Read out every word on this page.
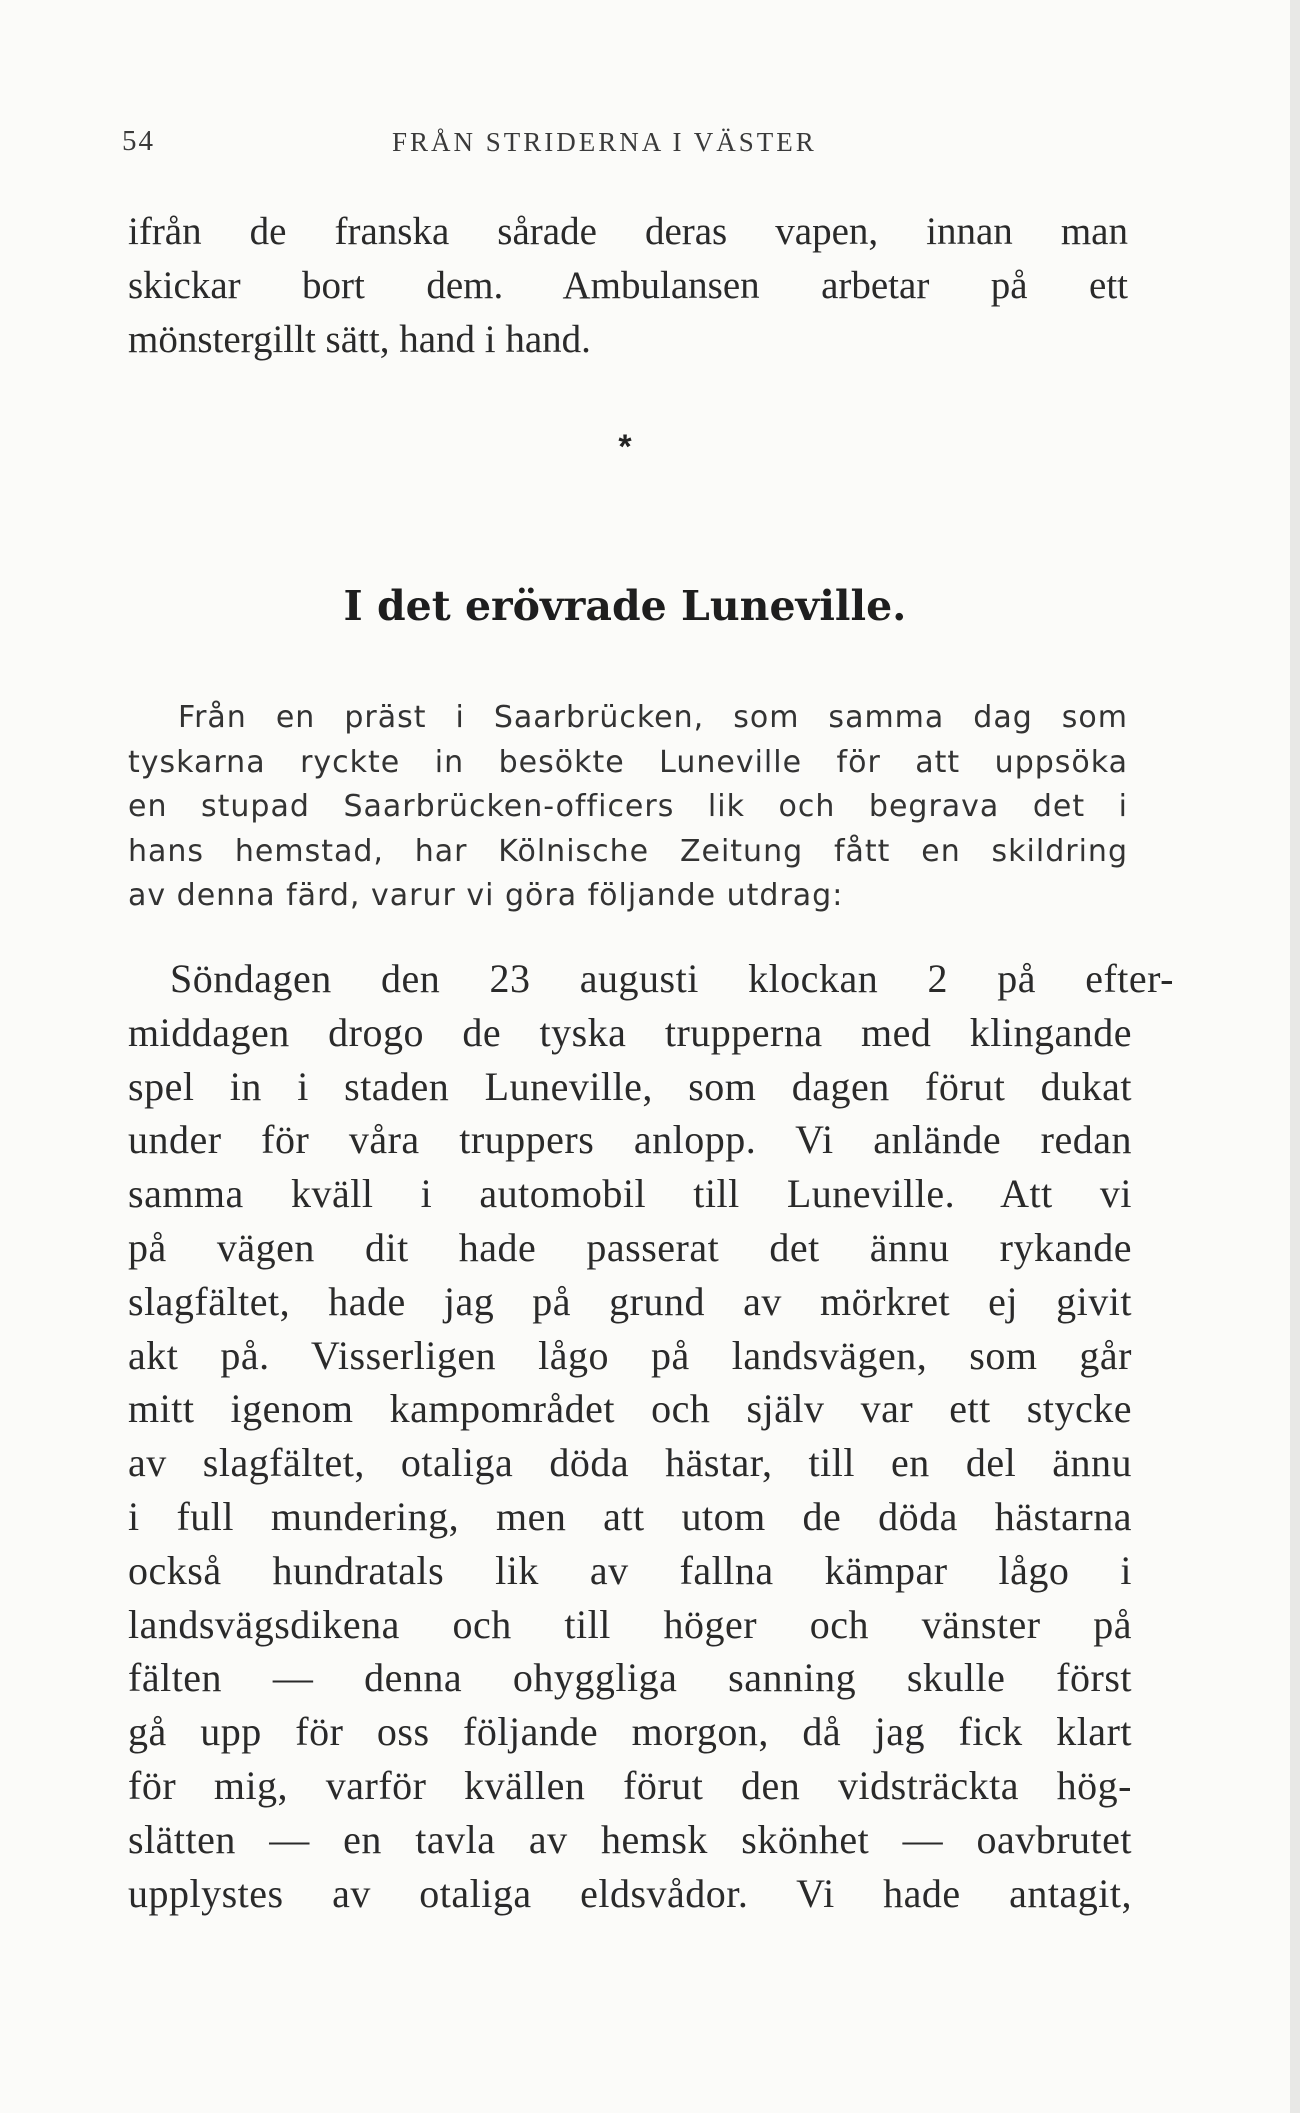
54	FRÅN STRIDERNA I VÄSTER
ifrån de franska sårade deras vapen, innan man
skickar bort dem. Ambulansen arbetar på ett
mönstergillt sätt, hand i hand.
*
I det erövrade Luneville.
Från en präst i Saarbrücken, som samma dag som
tyskarna ryckte in besökte Luneville för att uppsöka
en stupad Saarbrücken-officers lik och begrava det i
hans hemstad, har Kölnische Zeitung fått en skildring
av denna färd, varur vi göra följande utdrag:
Söndagen den 23 augusti klockan 2 på efter-
middagen drogo de tyska trupperna med klingande
spel in i staden Luneville, som dagen förut dukat
under för våra truppers anlopp. Vi anlände redan
samma kväll i automobil till Luneville. Att vi
på vägen dit hade passerat det ännu rykande
slagfältet, hade jag på grund av mörkret ej givit
akt på. Visserligen lågo på landsvägen, som går
mitt igenom kampområdet och själv var ett stycke
av slagfältet, otaliga döda hästar, till en del ännu
i full mundering, men att utom de döda hästarna
också hundratals lik av fallna kämpar lågo i
landsvägsdikena och till höger och vänster på
fälten — denna ohyggliga sanning skulle först
gå upp för oss följande morgon, då jag fick klart
för mig, varför kvällen förut den vidsträckta hög-
slätten — en tavla av hemsk skönhet — oavbrutet
upplystes av otaliga eldsvådor. Vi hade antagit,
